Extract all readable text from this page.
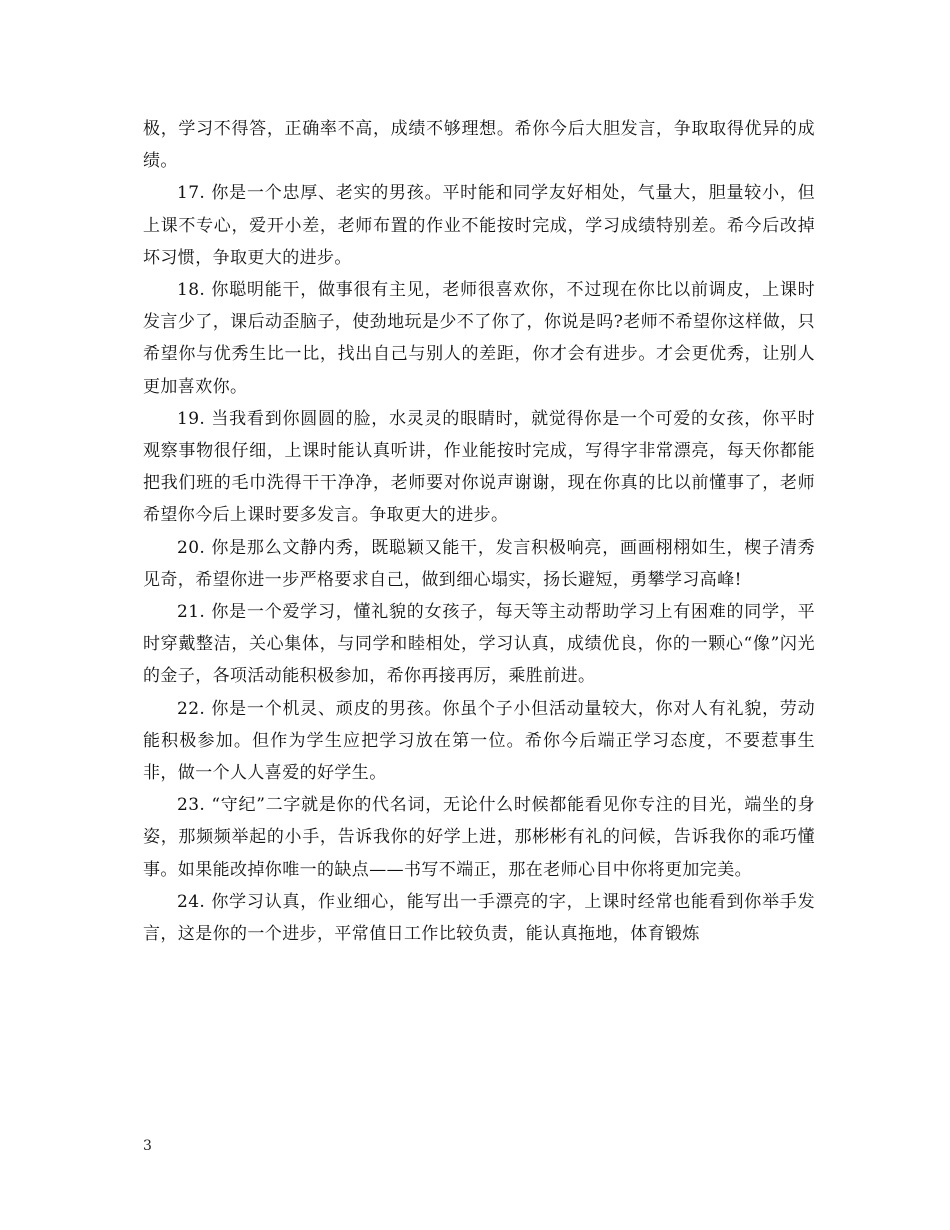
极，学习不得答，正确率不高，成绩不够理想。希你今后大胆发言，争取取得优异的成绩。

17. 你是一个忠厚、老实的男孩。平时能和同学友好相处，气量大，胆量较小，但上课不专心，爱开小差，老师布置的作业不能按时完成，学习成绩特别差。希今后改掉坏习惯，争取更大的进步。

18. 你聪明能干，做事很有主见，老师很喜欢你，不过现在你比以前调皮，上课时发言少了，课后动歪脑子，使劲地玩是少不了你了，你说是吗?老师不希望你这样做，只希望你与优秀生比一比，找出自己与别人的差距，你才会有进步。才会更优秀，让别人更加喜欢你。

19. 当我看到你圆圆的脸，水灵灵的眼睛时，就觉得你是一个可爱的女孩，你平时观察事物很仔细，上课时能认真听讲，作业能按时完成，写得字非常漂亮，每天你都能把我们班的毛巾洗得干干净净，老师要对你说声谢谢，现在你真的比以前懂事了，老师希望你今后上课时要多发言。争取更大的进步。

20. 你是那么文静内秀，既聪颖又能干，发言积极响亮，画画栩栩如生，楔子清秀见奇，希望你进一步严格要求自己，做到细心塌实，扬长避短，勇攀学习高峰!

21. 你是一个爱学习，懂礼貌的女孩子，每天等主动帮助学习上有困难的同学，平时穿戴整洁，关心集体，与同学和睦相处，学习认真，成绩优良，你的一颗心“像”闪光的金子，各项活动能积极参加，希你再接再厉，乘胜前进。

22. 你是一个机灵、顽皮的男孩。你虽个子小但活动量较大，你对人有礼貌，劳动能积极参加。但作为学生应把学习放在第一位。希你今后端正学习态度，不要惹事生非，做一个人人喜爱的好学生。

23. “守纪”二字就是你的代名词，无论什么时候都能看见你专注的目光，端坐的身姿，那频频举起的小手，告诉我你的好学上进，那彬彬有礼的问候，告诉我你的乖巧懂事。如果能改掉你唯一的缺点——书写不端正，那在老师心目中你将更加完美。

24. 你学习认真，作业细心，能写出一手漂亮的字，上课时经常也能看到你举手发言，这是你的一个进步，平常值日工作比较负责，能认真拖地，体育锻炼

3
